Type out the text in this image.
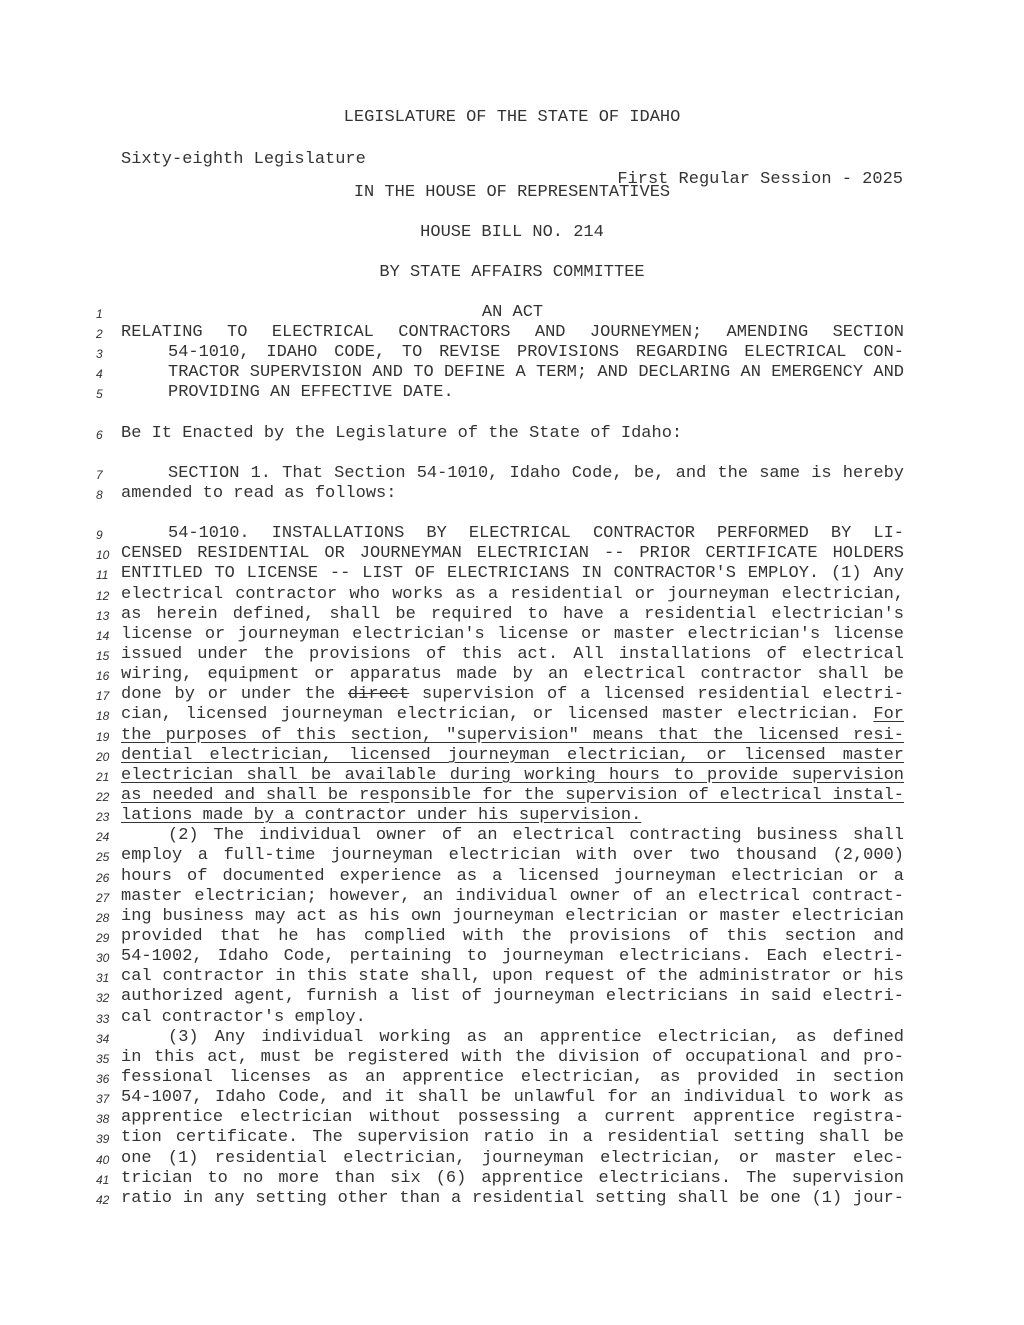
LEGISLATURE OF THE STATE OF IDAHO

Sixty-eighth Legislature

First Regular Session - 2025

IN THE HOUSE OF REPRESENTATIVES
HOUSE BILL NO. 214
BY STATE AFFAIRS COMMITTEE
1
2
3
4
5
6
7
8
9
10
11
12
13
14
15
16
17
18
19
20
21
22
23
24
25
26
27
28
29
30
31
32
33
34
35
36
37
38
39
40
41
42
AN ACT
RELATING TO ELECTRICAL CONTRACTORS AND JOURNEYMEN; AMENDING SECTION
54-1010, IDAHO CODE, TO REVISE PROVISIONS REGARDING ELECTRICAL CON-
TRACTOR SUPERVISION AND TO DEFINE A TERM; AND DECLARING AN EMERGENCY AND
PROVIDING AN EFFECTIVE DATE.
Be It Enacted by the Legislature of the State of Idaho:
SECTION 1. That Section 54-1010, Idaho Code, be, and the same is hereby
amended to read as follows:
54-1010. INSTALLATIONS BY ELECTRICAL CONTRACTOR PERFORMED BY LI-
CENSED RESIDENTIAL OR JOURNEYMAN ELECTRICIAN -- PRIOR CERTIFICATE HOLDERS
ENTITLED TO LICENSE -- LIST OF ELECTRICIANS IN CONTRACTOR'S EMPLOY. (1) Any
electrical contractor who works as a residential or journeyman electrician,
as herein defined, shall be required to have a residential electrician's
license or journeyman electrician's license or master electrician's license
issued under the provisions of this act. All installations of electrical
wiring, equipment or apparatus made by an electrical contractor shall be
done by or under the direct supervision of a licensed residential electri-
cian, licensed journeyman electrician, or licensed master electrician. For
the purposes of this section, "supervision" means that the licensed resi-
dential electrician, licensed journeyman electrician, or licensed master
electrician shall be available during working hours to provide supervision
as needed and shall be responsible for the supervision of electrical instal-
lations made by a contractor under his supervision.
(2) The individual owner of an electrical contracting business shall
employ a full-time journeyman electrician with over two thousand (2,000)
hours of documented experience as a licensed journeyman electrician or a
master electrician; however, an individual owner of an electrical contract-
ing business may act as his own journeyman electrician or master electrician
provided that he has complied with the provisions of this section and
54-1002, Idaho Code, pertaining to journeyman electricians. Each electri-
cal contractor in this state shall, upon request of the administrator or his
authorized agent, furnish a list of journeyman electricians in said electri-
cal contractor's employ.
(3) Any individual working as an apprentice electrician, as defined
in this act, must be registered with the division of occupational and pro-
fessional licenses as an apprentice electrician, as provided in section
54-1007, Idaho Code, and it shall be unlawful for an individual to work as
apprentice electrician without possessing a current apprentice registra-
tion certificate. The supervision ratio in a residential setting shall be
one (1) residential electrician, journeyman electrician, or master elec-
trician to no more than six (6) apprentice electricians. The supervision
ratio in any setting other than a residential setting shall be one (1) jour-
